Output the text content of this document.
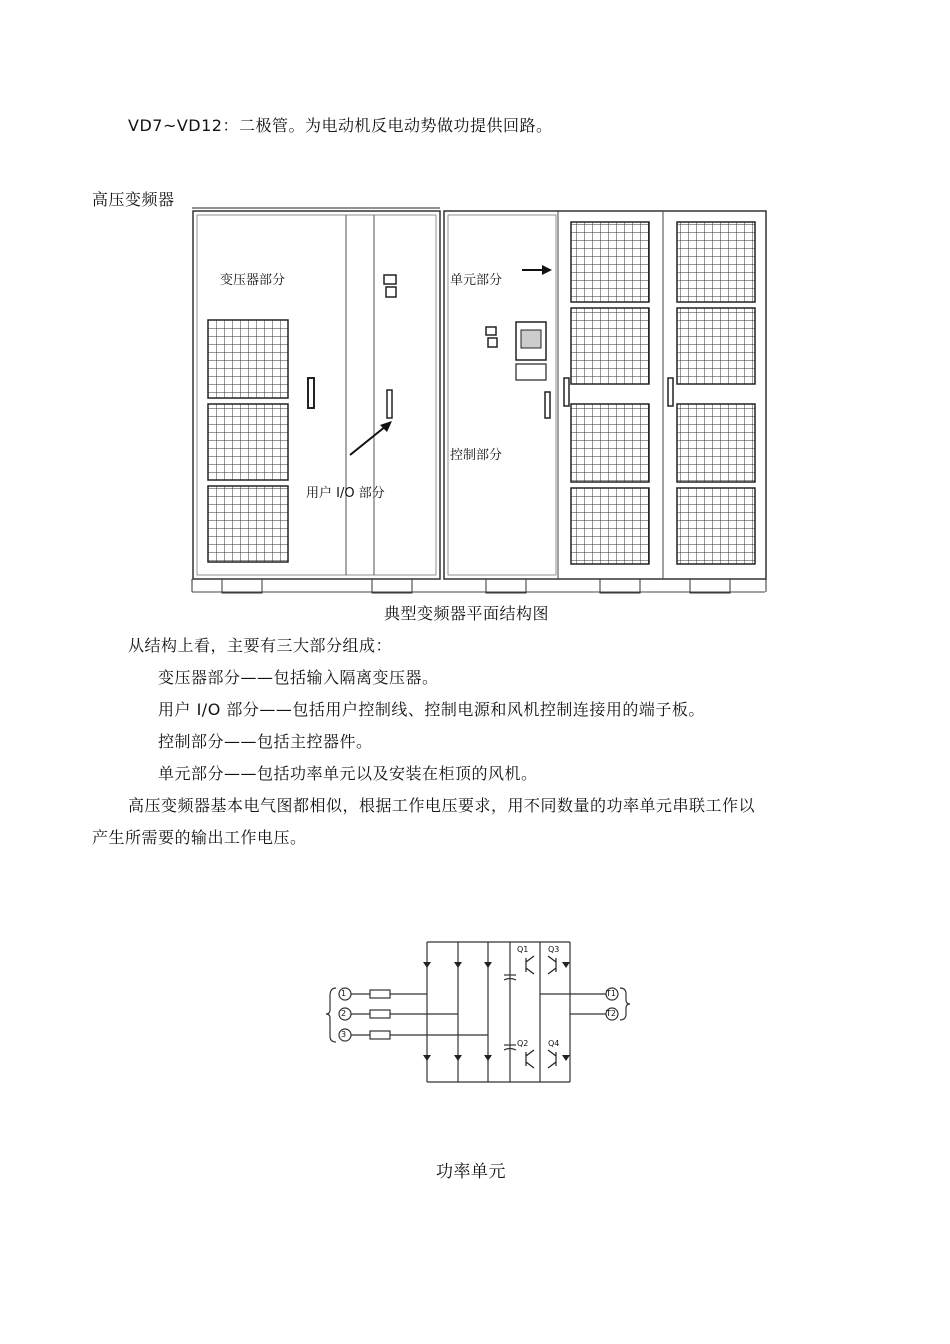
VD7~VD12：二极管。为电动机反电动势做功提供回路。
高压变频器
变压器部分	单元部分
控制部分
用户 I/O 部分
典型变频器平面结构图
从结构上看，主要有三大部分组成：
变压器部分——包括输入隔离变压器。
用户 I/O 部分——包括用户控制线、控制电源和风机控制连接用的端子板。
控制部分——包括主控器件。
单元部分——包括功率单元以及安装在柜顶的风机。
高压变频器基本电气图都相似，根据工作电压要求，用不同数量的功率单元串联工作以
产生所需要的输出工作电压。
1
2
3
T1
T2
Q1 Q3
Q2 Q4
功率单元
